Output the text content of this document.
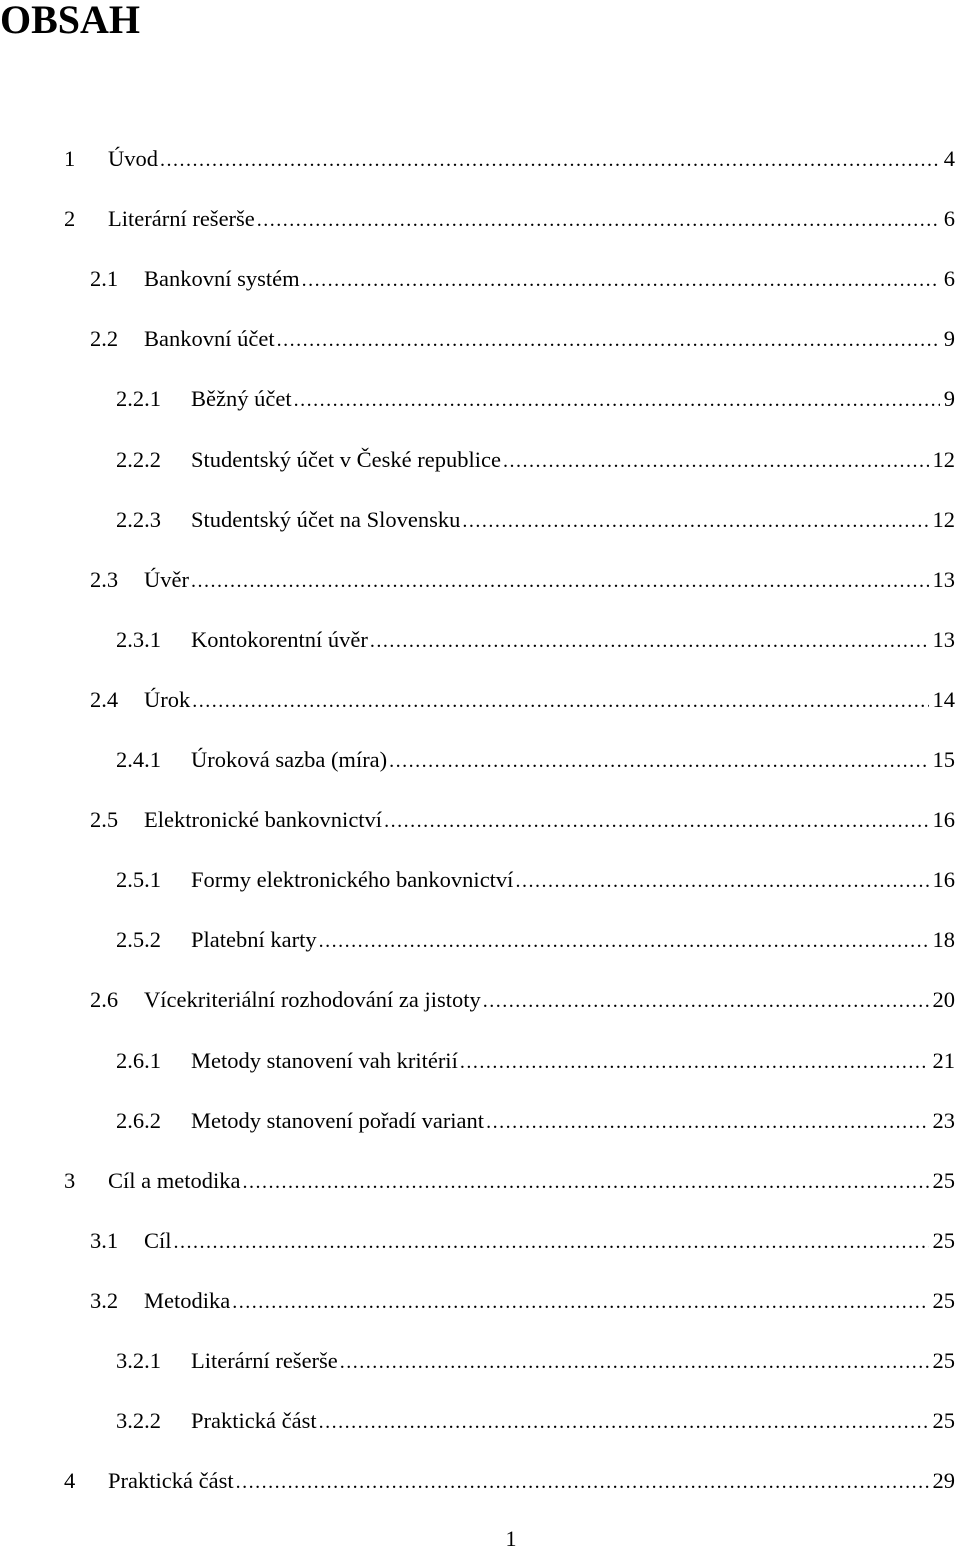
OBSAH
1	Úvod .....	4
2	Literární rešerše .....	6
2.1	Bankovní systém .....	6
2.2	Bankovní účet .....	9
2.2.1	Běžný účet .....	9
2.2.2	Studentský účet v České republice .....	12
2.2.3	Studentský účet na Slovensku .....	12
2.3	Úvěr .....	13
2.3.1	Kontokorentní úvěr .....	13
2.4	Úrok .....	14
2.4.1	Úroková sazba (míra) .....	15
2.5	Elektronické bankovnictví .....	16
2.5.1	Formy elektronického bankovnictví .....	16
2.5.2	Platební karty .....	18
2.6	Vícekriteriální rozhodování za jistoty .....	20
2.6.1	Metody stanovení vah kritérií .....	21
2.6.2	Metody stanovení pořadí variant .....	23
3	Cíl a metodika .....	25
3.1	Cíl .....	25
3.2	Metodika .....	25
3.2.1	Literární rešerše .....	25
3.2.2	Praktická část .....	25
4	Praktická část .....	29
1
